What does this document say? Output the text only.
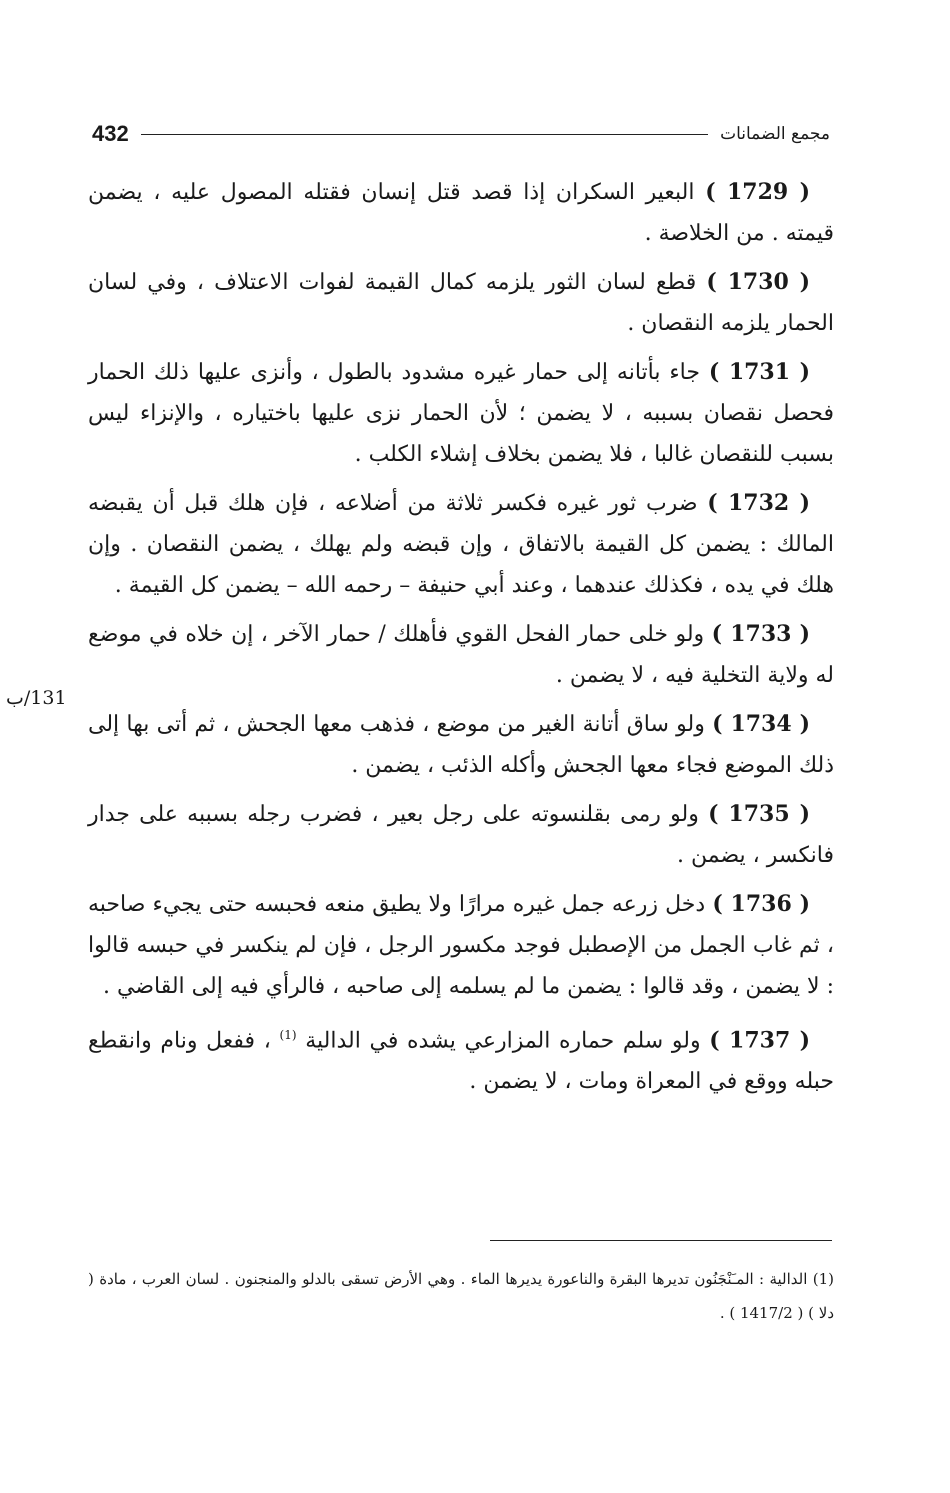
432	مجمع الضمانات
131/ب

( 1729 ) البعير السكران إذا قصد قتل إنسان فقتله المصول عليه ، يضمن قيمته . من الخلاصة .

( 1730 ) قطع لسان الثور يلزمه كمال القيمة لفوات الاعتلاف ، وفي لسان الحمار يلزمه النقصان .

( 1731 ) جاء بأتانه إلى حمار غيره مشدود بالطول ، وأنزى عليها ذلك الحمار فحصل نقصان بسببه ، لا يضمن ؛ لأن الحمار نزى عليها باختياره ، والإنزاء ليس بسبب للنقصان غالبا ، فلا يضمن بخلاف إشلاء الكلب .

( 1732 ) ضرب ثور غيره فكسر ثلاثة من أضلاعه ، فإن هلك قبل أن يقبضه المالك : يضمن كل القيمة بالاتفاق ، وإن قبضه ولم يهلك ، يضمن النقصان . وإن هلك في يده ، فكذلك عندهما ، وعند أبي حنيفة – رحمه الله – يضمن كل القيمة .

( 1733 ) ولو خلى حمار الفحل القوي فأهلك / حمار الآخر ، إن خلاه في موضع له ولاية التخلية فيه ، لا يضمن .

( 1734 ) ولو ساق أتانة الغير من موضع ، فذهب معها الجحش ، ثم أتى بها إلى ذلك الموضع فجاء معها الجحش وأكله الذئب ، يضمن .

( 1735 ) ولو رمى بقلنسوته على رجل بعير ، فضرب رجله بسببه على جدار فانكسر ، يضمن .

( 1736 ) دخل زرعه جمل غيره مرارًا ولا يطيق منعه فحبسه حتى يجيء صاحبه ، ثم غاب الجمل من الإصطبل فوجد مكسور الرجل ، فإن لم ينكسر في حبسه قالوا : لا يضمن ، وقد قالوا : يضمن ما لم يسلمه إلى صاحبه ، فالرأي فيه إلى القاضي .

( 1737 ) ولو سلم حماره المزارعي يشده في الدالية $^{(1)}$ ، ففعل ونام وانقطع حبله ووقع في المعراة ومات ، لا يضمن .

(1) الدالية : المـَنْجَنُون تديرها البقرة والناعورة يديرها الماء . وهي الأرض تسقى بالدلو والمنجنون . لسان العرب ، مادة ( دلا ) ( 1417/2 ) .
